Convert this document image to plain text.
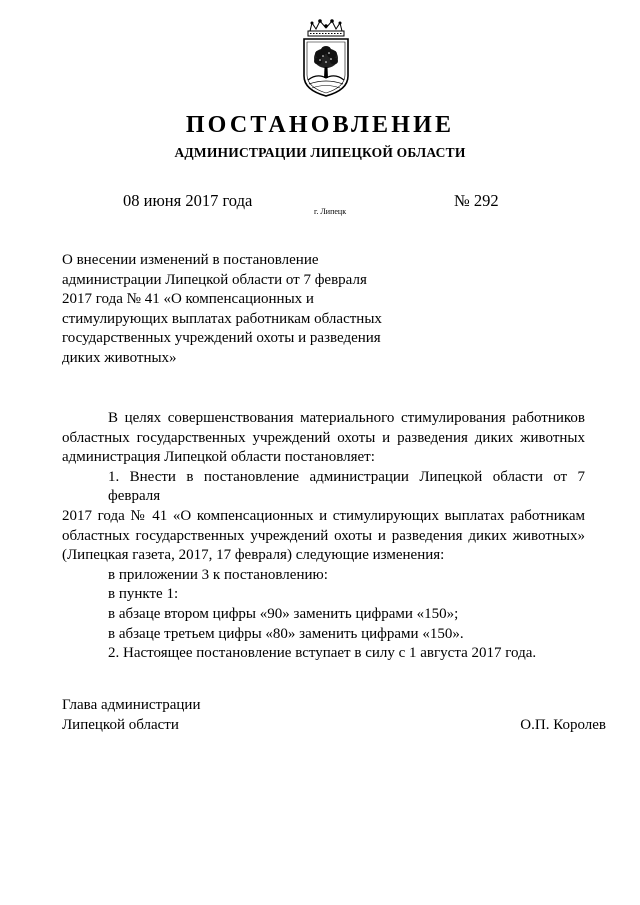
ПОСТАНОВЛЕНИЕ
АДМИНИСТРАЦИИ ЛИПЕЦКОЙ ОБЛАСТИ
08 июня 2017 года
г. Липецк
№ 292
О внесении изменений в постановление
администрации Липецкой области от 7 февраля
2017 года № 41 «О компенсационных и
стимулирующих выплатах работникам областных
государственных учреждений охоты и разведения
диких животных»
В целях совершенствования материального стимулирования работников
областных государственных учреждений охоты и разведения диких животных
администрация Липецкой области постановляет:
1. Внести в постановление администрации Липецкой области от 7 февраля
2017 года № 41 «О компенсационных и стимулирующих выплатах работникам
областных государственных учреждений охоты и разведения диких животных»
(Липецкая газета, 2017, 17 февраля) следующие изменения:
в приложении 3 к постановлению:
в пункте 1:
в абзаце втором цифры «90» заменить цифрами «150»;
в абзаце третьем цифры «80» заменить цифрами «150».
2. Настоящее постановление вступает в силу с 1 августа 2017 года.
Глава администрации
Липецкой области	О.П. Королев
